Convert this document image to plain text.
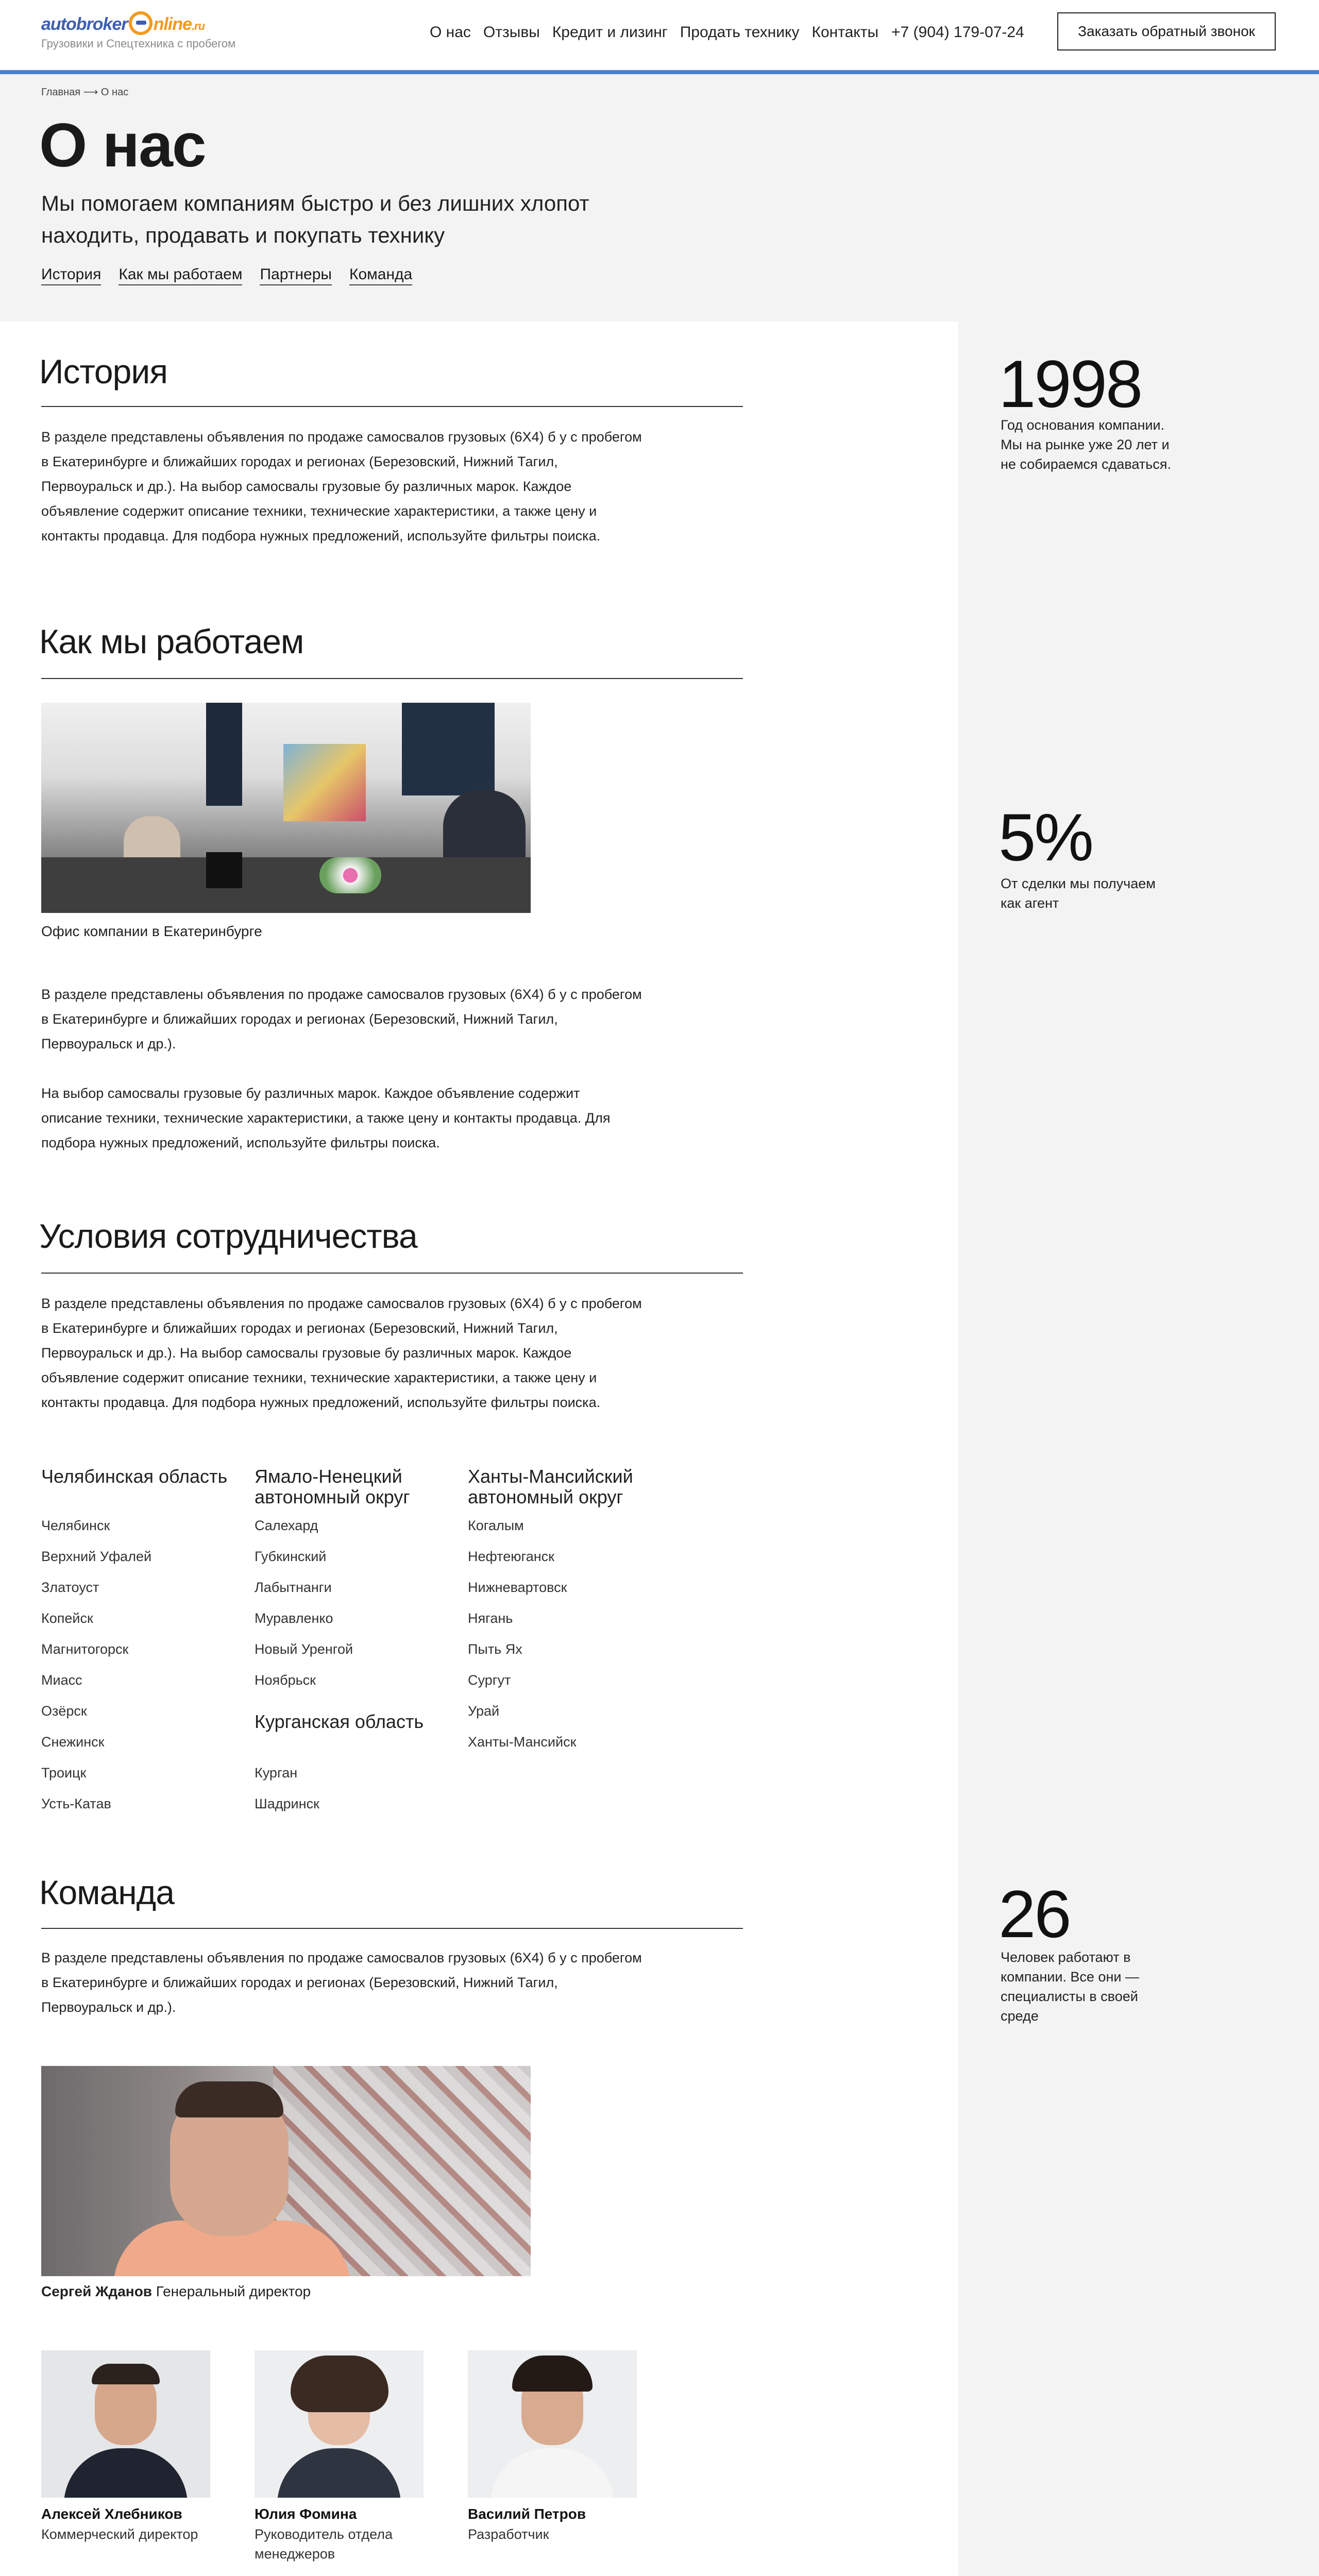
autobroker nline.ru
Грузовики и Спецтехника с пробегом
О нас Отзывы Кредит и лизинг Продать технику Контакты +7 (904) 179-07-24	Заказать обратный звонок
Главная ⟶ О нас
О нас
Мы помогаем компаниям быстро и без лишних хлопот находить, продавать и покупать технику
История Как мы работаем Партнеры Команда
История

В разделе представлены объявления по продаже самосвалов грузовых (6Х4) б у с пробегом в Екатеринбурге и ближайших городах и регионах (Березовский, Нижний Тагил, Первоуральск и др.). На выбор самосвалы грузовые бу различных марок. Каждое объявление содержит описание техники, технические характеристики, а также цену и контакты продавца. Для подбора нужных предложений, используйте фильтры поиска.

Как мы работаем
Офис компании в Екатеринбурге

В разделе представлены объявления по продаже самосвалов грузовых (6Х4) б у с пробегом в Екатеринбурге и ближайших городах и регионах (Березовский, Нижний Тагил, Первоуральск и др.).

На выбор самосвалы грузовые бу различных марок. Каждое объявление содержит описание техники, технические характеристики, а также цену и контакты продавца. Для подбора нужных предложений, используйте фильтры поиска.

Условия сотрудничества

В разделе представлены объявления по продаже самосвалов грузовых (6Х4) б у с пробегом в Екатеринбурге и ближайших городах и регионах (Березовский, Нижний Тагил, Первоуральск и др.). На выбор самосвалы грузовые бу различных марок. Каждое объявление содержит описание техники, технические характеристики, а также цену и контакты продавца. Для подбора нужных предложений, используйте фильтры поиска.

Челябинская область
Челябинск
Верхний Уфалей
Златоуст
Копейск
Магнитогорск
Миасс
Озёрск
Снежинск
Троицк
Усть-Катав
Ямало-Ненецкий автономный округ
Салехард
Губкинский
Лабытнанги
Муравленко
Новый Уренгой
Ноябрьск
Курганская область
Курган
Шадринск
Ханты-Мансийский автономный округ
Когалым
Нефтеюганск
Нижневартовск
Нягань
Пыть Ях
Сургут
Урай
Ханты-Мансийск
Команда

В разделе представлены объявления по продаже самосвалов грузовых (6Х4) б у с пробегом в Екатеринбурге и ближайших городах и регионах (Березовский, Нижний Тагил, Первоуральск и др.).

Сергей Жданов Генеральный директор
Алексей Хлебников
Коммерческий директор
Юлия Фомина
Руководитель отдела менеджеров
Василий Петров
Разработчик
1998
Год основания компании. Мы на рынке уже 20 лет и не собираемся сдаваться.
5%
От сделки мы получаем как агент
26
Человек работают в компании. Все они — специалисты в своей среде
